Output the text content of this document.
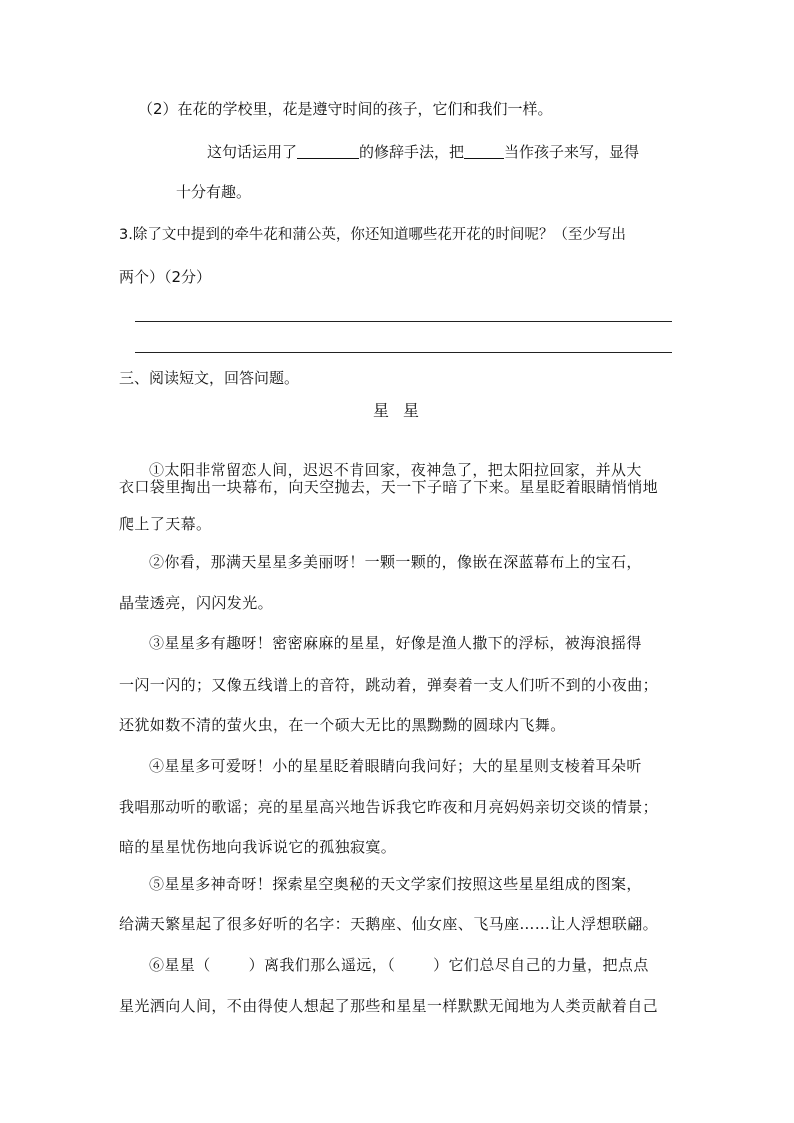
（2）在花的学校里，花是遵守时间的孩子，它们和我们一样。
这句话运用了	的修辞手法，把	当作孩子来写，显得
十分有趣。
3.除了文中提到的牵牛花和蒲公英，你还知道哪些花开花的时间呢？（至少写出
两个）（2分）
三、阅读短文，回答问题。
星星
①太阳非常留恋人间，迟迟不肯回家，夜神急了，把太阳拉回家，并从大
衣口袋里掏出一块幕布，向天空抛去，天一下子暗了下来。星星眨着眼睛悄悄地
爬上了天幕。
②你看，那满天星星多美丽呀！一颗一颗的，像嵌在深蓝幕布上的宝石，
晶莹透亮，闪闪发光。
③星星多有趣呀！密密麻麻的星星，好像是渔人撒下的浮标，被海浪摇得
一闪一闪的；又像五线谱上的音符，跳动着，弹奏着一支人们听不到的小夜曲；
还犹如数不清的萤火虫，在一个硕大无比的黑黝黝的圆球内飞舞。
④星星多可爱呀！小的星星眨着眼睛向我问好；大的星星则支棱着耳朵听
我唱那动听的歌谣；亮的星星高兴地告诉我它昨夜和月亮妈妈亲切交谈的情景；
暗的星星忧伤地向我诉说它的孤独寂寞。
⑤星星多神奇呀！探索星空奥秘的天文学家们按照这些星星组成的图案，
给满天繁星起了很多好听的名字：天鹅座、仙女座、飞马座……让人浮想联翩。
⑥星星（	）离我们那么遥远，（	）它们总尽自己的力量，把点点
星光洒向人间，不由得使人想起了那些和星星一样默默无闻地为人类贡献着自己
